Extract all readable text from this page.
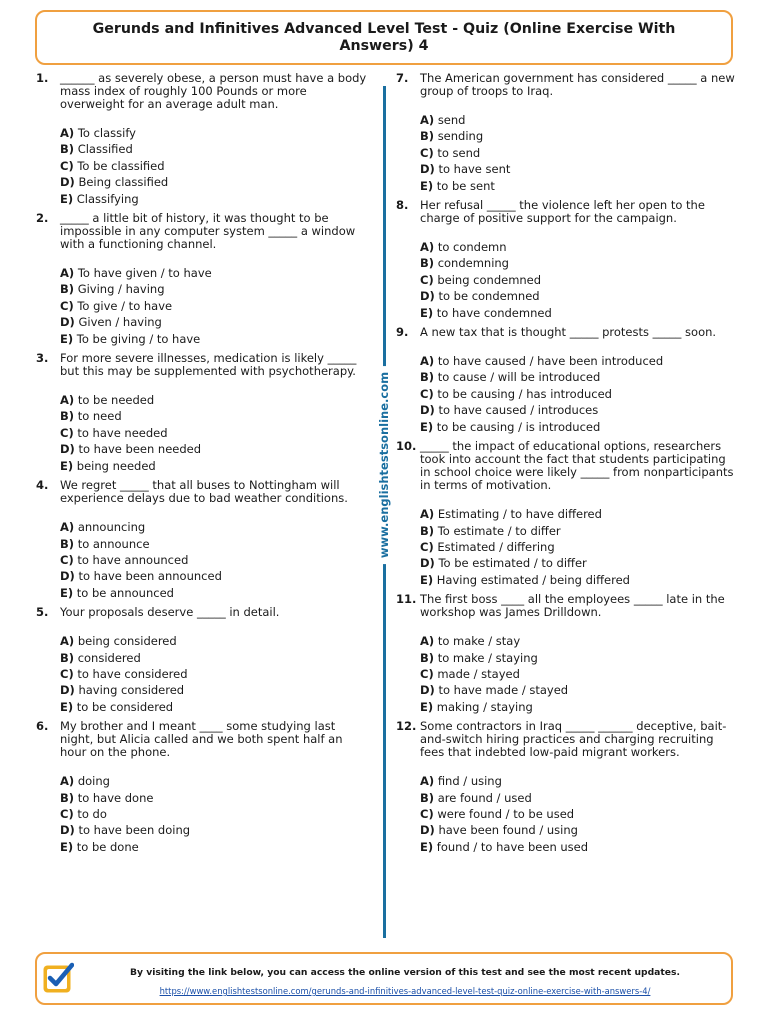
Gerunds and Infinitives Advanced Level Test - Quiz (Online Exercise With Answers) 4
1.	______ as severely obese, a person must have a body mass index of roughly 100 Pounds or more overweight for an average adult man.
A) To classify
B) Classified
C) To be classified
D) Being classified
E) Classifying
2.	_____ a little bit of history, it was thought to be impossible in any computer system _____ a window with a functioning channel.
A) To have given / to have
B) Giving / having
C) To give / to have
D) Given / having
E) To be giving / to have
3.	For more severe illnesses, medication is likely _____ but this may be supplemented with psychotherapy.
A) to be needed
B) to need
C) to have needed
D) to have been needed
E) being needed
4.	We regret _____ that all buses to Nottingham will experience delays due to bad weather conditions.
A) announcing
B) to announce
C) to have announced
D) to have been announced
E) to be announced
5.	Your proposals deserve _____ in detail.
A) being considered
B) considered
C) to have considered
D) having considered
E) to be considered
6.	My brother and I meant ____ some studying last night, but Alicia called and we both spent half an hour on the phone.
A) doing
B) to have done
C) to do
D) to have been doing
E) to be done
www.englishtestsonline.com
7.	The American government has considered _____ a new group of troops to Iraq.
A) send
B) sending
C) to send
D) to have sent
E) to be sent
8.	Her refusal _____ the violence left her open to the charge of positive support for the campaign.
A) to condemn
B) condemning
C) being condemned
D) to be condemned
E) to have condemned
9.	A new tax that is thought _____ protests _____ soon.
A) to have caused / have been introduced
B) to cause / will be introduced
C) to be causing / has introduced
D) to have caused / introduces
E) to be causing / is introduced
10. _____ the impact of educational options, researchers took into account the fact that students participating in school choice were likely _____ from nonparticipants in terms of motivation.
A) Estimating / to have differed
B) To estimate / to differ
C) Estimated / differing
D) To be estimated / to differ
E) Having estimated / being differed
11. The first boss ____ all the employees _____ late in the workshop was James Drilldown.
A) to make / stay
B) to make / staying
C) made / stayed
D) to have made / stayed
E) making / staying
12. Some contractors in Iraq _____ ______ deceptive, bait-and-switch hiring practices and charging recruiting fees that indebted low-paid migrant workers.
A) find / using
B) are found / used
C) were found / to be used
D) have been found / using
E) found / to have been used
By visiting the link below, you can access the online version of this test and see the most recent updates.
https://www.englishtestsonline.com/gerunds-and-infinitives-advanced-level-test-quiz-online-exercise-with-answers-4/
